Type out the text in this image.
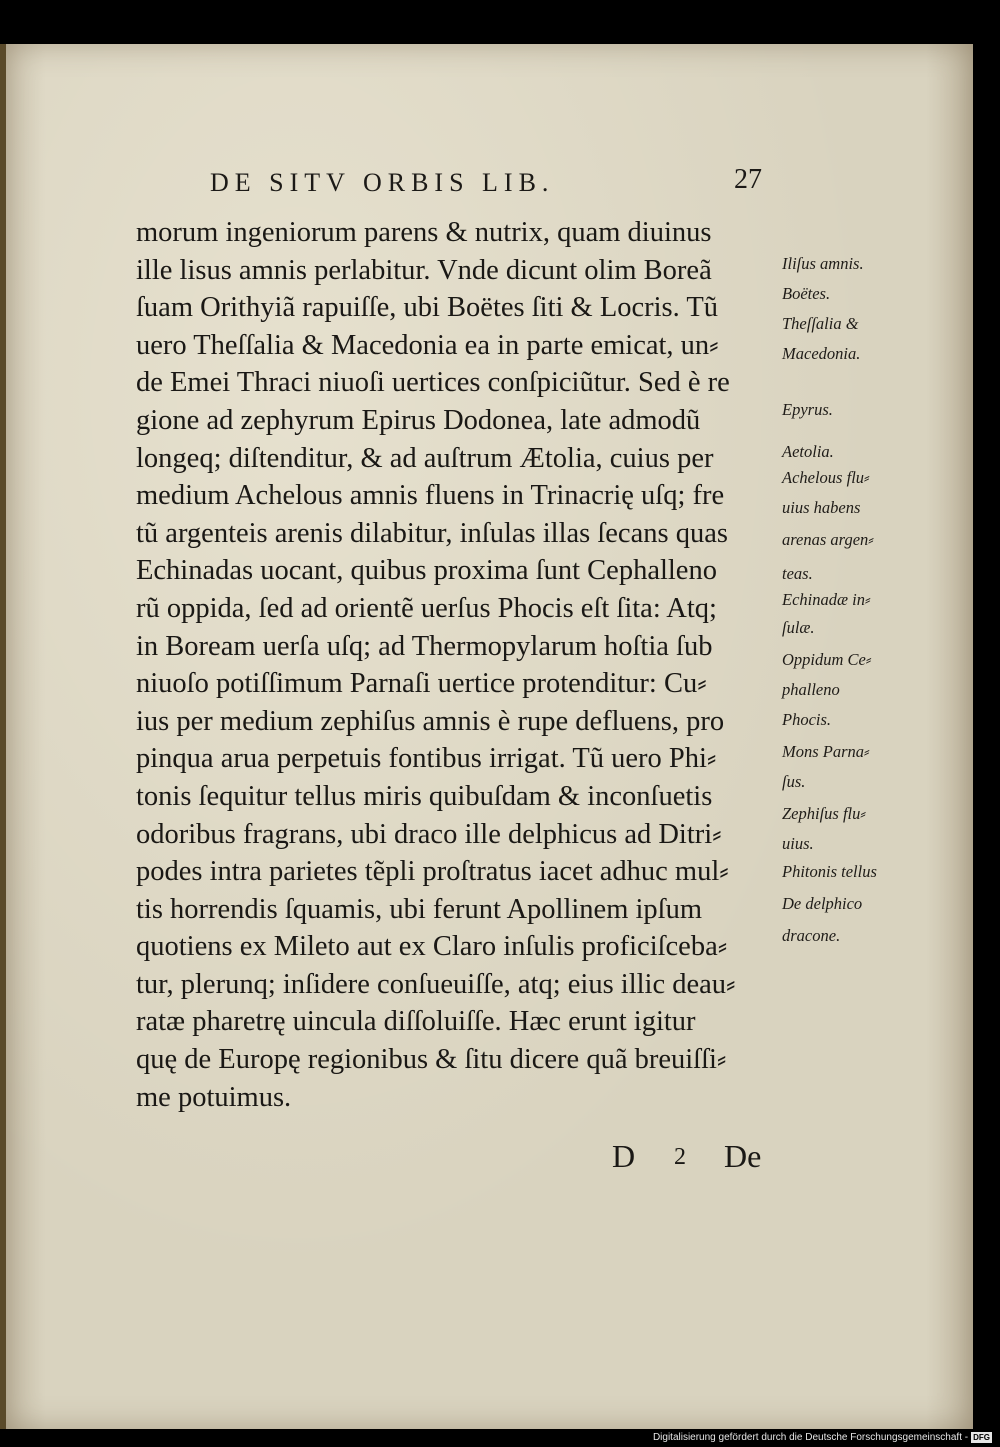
DE SITV ORBIS LIB.	27
morum ingeniorum parens & nutrix, quam diuinus
ille lisus amnis perlabitur. Vnde dicunt olim Boreã
ſuam Orithyiã rapuiſſe, ubi Boëtes ſiti & Locris. Tũ
uero Theſſalia & Macedonia ea in parte emicat, un⸗
de Emei Thraci niuoſi uertices conſpiciũtur. Sed è re
gione ad zephyrum Epirus Dodonea, late admodũ
longeq; diſtenditur, & ad auſtrum Ætolia, cuius per
medium Achelous amnis fluens in Trinacrię uſq; fre
tũ argenteis arenis dilabitur, inſulas illas ſecans quas
Echinadas uocant, quibus proxima ſunt Cephalleno
rũ oppida, ſed ad orientẽ uerſus Phocis eſt ſita: Atq;
in Boream uerſa uſq; ad Thermopylarum hoſtia ſub
niuoſo potiſſimum Parnaſi uertice protenditur: Cu⸗
ius per medium zephiſus amnis è rupe defluens, pro
pinqua arua perpetuis fontibus irrigat. Tũ uero Phi⸗
tonis ſequitur tellus miris quibuſdam & inconſuetis
odoribus fragrans, ubi draco ille delphicus ad Ditri⸗
podes intra parietes tẽpli proſtratus iacet adhuc mul⸗
tis horrendis ſquamis, ubi ferunt Apollinem ipſum
quotiens ex Mileto aut ex Claro inſulis proficiſceba⸗
tur, plerunq; inſidere conſueuiſſe, atq; eius illic deau⸗
ratæ pharetrę uincula diſſoluiſſe. Hæc erunt igitur
quę de Europę regionibus & ſitu dicere quã breuiſſi⸗
me potuimus.
Iliſus amnis.
Boëtes.
Theſſalia &
Macedonia.
Epyrus.
Aetolia.
Achelous flu⸗
uius habens
arenas argen⸗
teas.
Echinadæ in⸗
ſulæ.
Oppidum Ce⸗
phalleno
Phocis.
Mons Parna⸗
ſus.
Zephiſus flu⸗
uius.
Phitonis tellus
De delphico
dracone.
D 2 De
Digitalisierung gefördert durch die Deutsche Forschungsgemeinschaft - DFG
